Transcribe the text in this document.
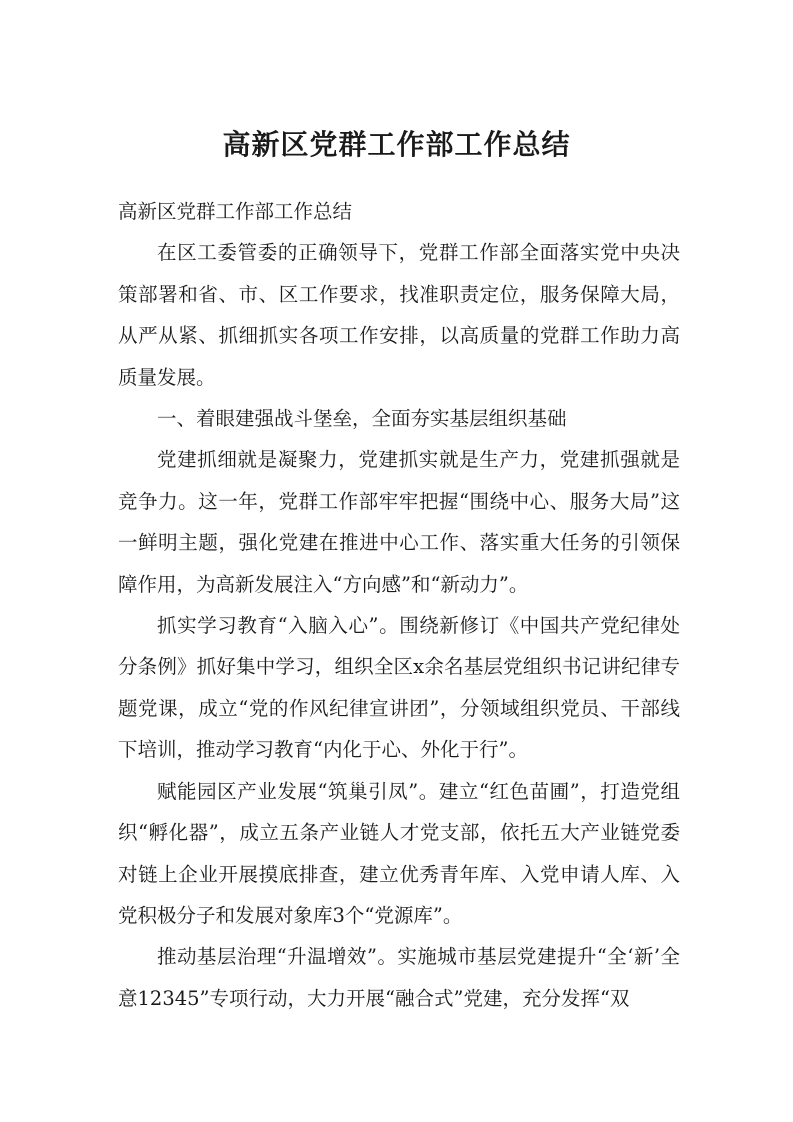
高新区党群工作部工作总结

高新区党群工作部工作总结

在区工委管委的正确领导下，党群工作部全面落实党中央决策部署和省、市、区工作要求，找准职责定位，服务保障大局，从严从紧、抓细抓实各项工作安排，以高质量的党群工作助力高质量发展。

一、着眼建强战斗堡垒，全面夯实基层组织基础

党建抓细就是凝聚力，党建抓实就是生产力，党建抓强就是竞争力。这一年，党群工作部牢牢把握“围绕中心、服务大局”这一鲜明主题，强化党建在推进中心工作、落实重大任务的引领保障作用，为高新发展注入“方向感”和“新动力”。

抓实学习教育“入脑入心”。围绕新修订《中国共产党纪律处分条例》抓好集中学习，组织全区x余名基层党组织书记讲纪律专题党课，成立“党的作风纪律宣讲团”，分领域组织党员、干部线下培训，推动学习教育“内化于心、外化于行”。

赋能园区产业发展“筑巢引凤”。建立“红色苗圃”，打造党组织“孵化器”，成立五条产业链人才党支部，依托五大产业链党委对链上企业开展摸底排查，建立优秀青年库、入党申请人库、入党积极分子和发展对象库3个“党源库”。

推动基层治理“升温增效”。实施城市基层党建提升“全‘新’全意12345”专项行动，大力开展“融合式”党建，充分发挥“双
